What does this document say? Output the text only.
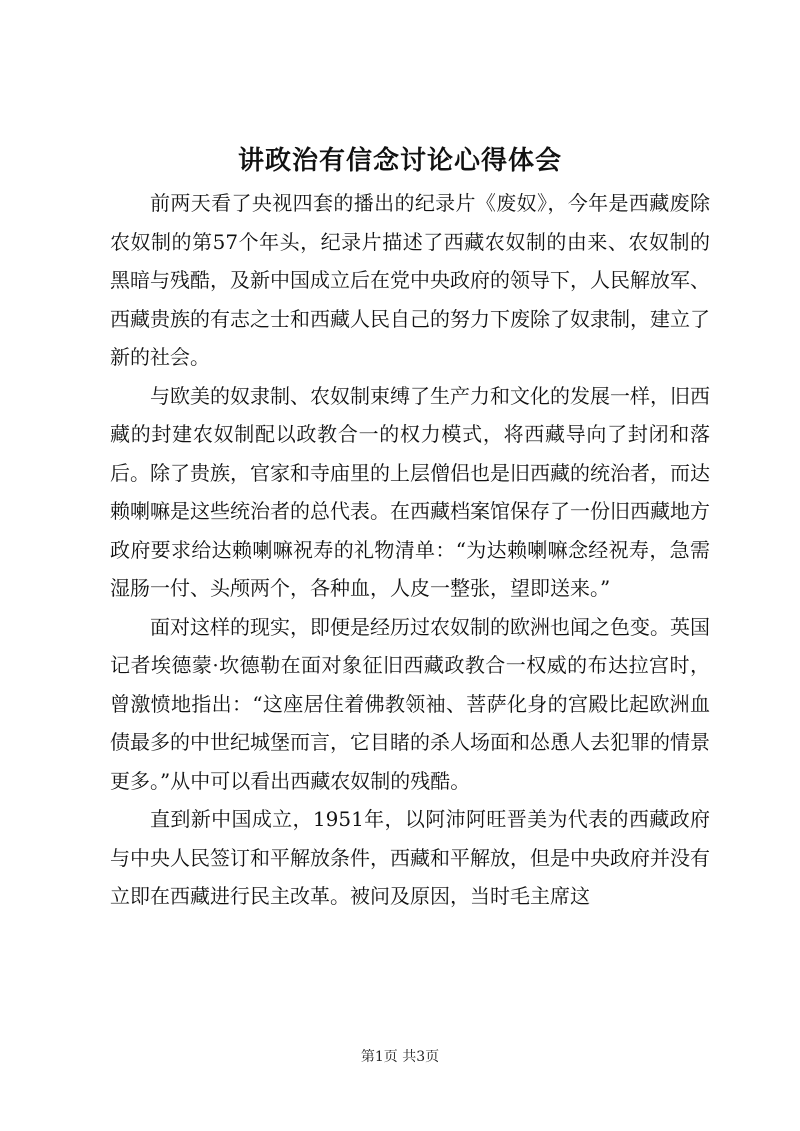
讲政治有信念讨论心得体会

前两天看了央视四套的播出的纪录片《废奴》，今年是西藏废除农奴制的第57个年头，纪录片描述了西藏农奴制的由来、农奴制的黑暗与残酷，及新中国成立后在党中央政府的领导下，人民解放军、西藏贵族的有志之士和西藏人民自己的努力下废除了奴隶制，建立了新的社会。

与欧美的奴隶制、农奴制束缚了生产力和文化的发展一样，旧西藏的封建农奴制配以政教合一的权力模式，将西藏导向了封闭和落后。除了贵族，官家和寺庙里的上层僧侣也是旧西藏的统治者，而达赖喇嘛是这些统治者的总代表。在西藏档案馆保存了一份旧西藏地方政府要求给达赖喇嘛祝寿的礼物清单：“为达赖喇嘛念经祝寿，急需湿肠一付、头颅两个，各种血，人皮一整张，望即送来。”

面对这样的现实，即便是经历过农奴制的欧洲也闻之色变。英国记者埃德蒙·坎德勒在面对象征旧西藏政教合一权威的布达拉宫时，曾激愤地指出：“这座居住着佛教领袖、菩萨化身的宫殿比起欧洲血债最多的中世纪城堡而言，它目睹的杀人场面和怂恿人去犯罪的情景更多。”从中可以看出西藏农奴制的残酷。

直到新中国成立，1951年，以阿沛阿旺晋美为代表的西藏政府与中央人民签订和平解放条件，西藏和平解放，但是中央政府并没有立即在西藏进行民主改革。被问及原因，当时毛主席这

第1页 共3页
